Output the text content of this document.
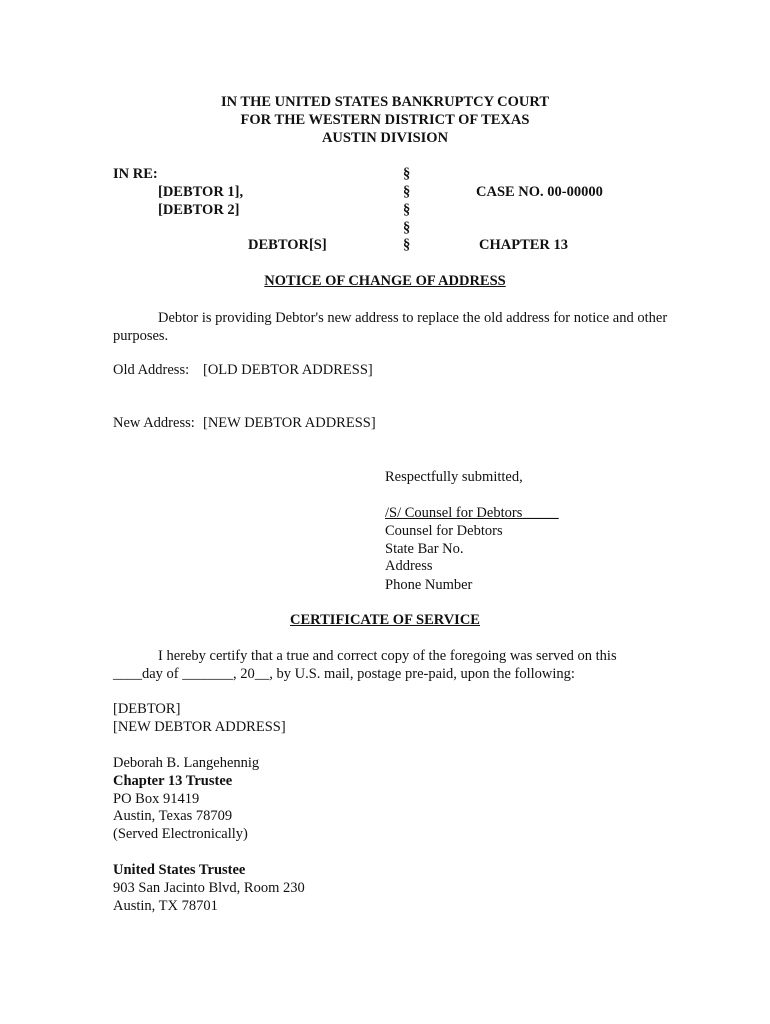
IN THE UNITED STATES BANKRUPTCY COURT
FOR THE WESTERN DISTRICT OF TEXAS
AUSTIN DIVISION
IN RE:
[DEBTOR 1],
[DEBTOR 2]
DEBTOR[S]
§
§
§
§
§
CASE NO. 00-00000
CHAPTER 13
NOTICE OF CHANGE OF ADDRESS
Debtor is providing Debtor's new address to replace the old address for notice and other purposes.
Old Address: [OLD DEBTOR ADDRESS]
New Address: [NEW DEBTOR ADDRESS]
Respectfully submitted,
/S/ Counsel for Debtors_____
Counsel for Debtors
State Bar No.
Address
Phone Number
CERTIFICATE OF SERVICE
I hereby certify that a true and correct copy of the foregoing was served on this
____day of _______, 20__, by U.S. mail, postage pre-paid, upon the following:
[DEBTOR]
[NEW DEBTOR ADDRESS]
Deborah B. Langehennig
Chapter 13 Trustee
PO Box 91419
Austin, Texas 78709
(Served Electronically)
United States Trustee
903 San Jacinto Blvd, Room 230
Austin, TX 78701
